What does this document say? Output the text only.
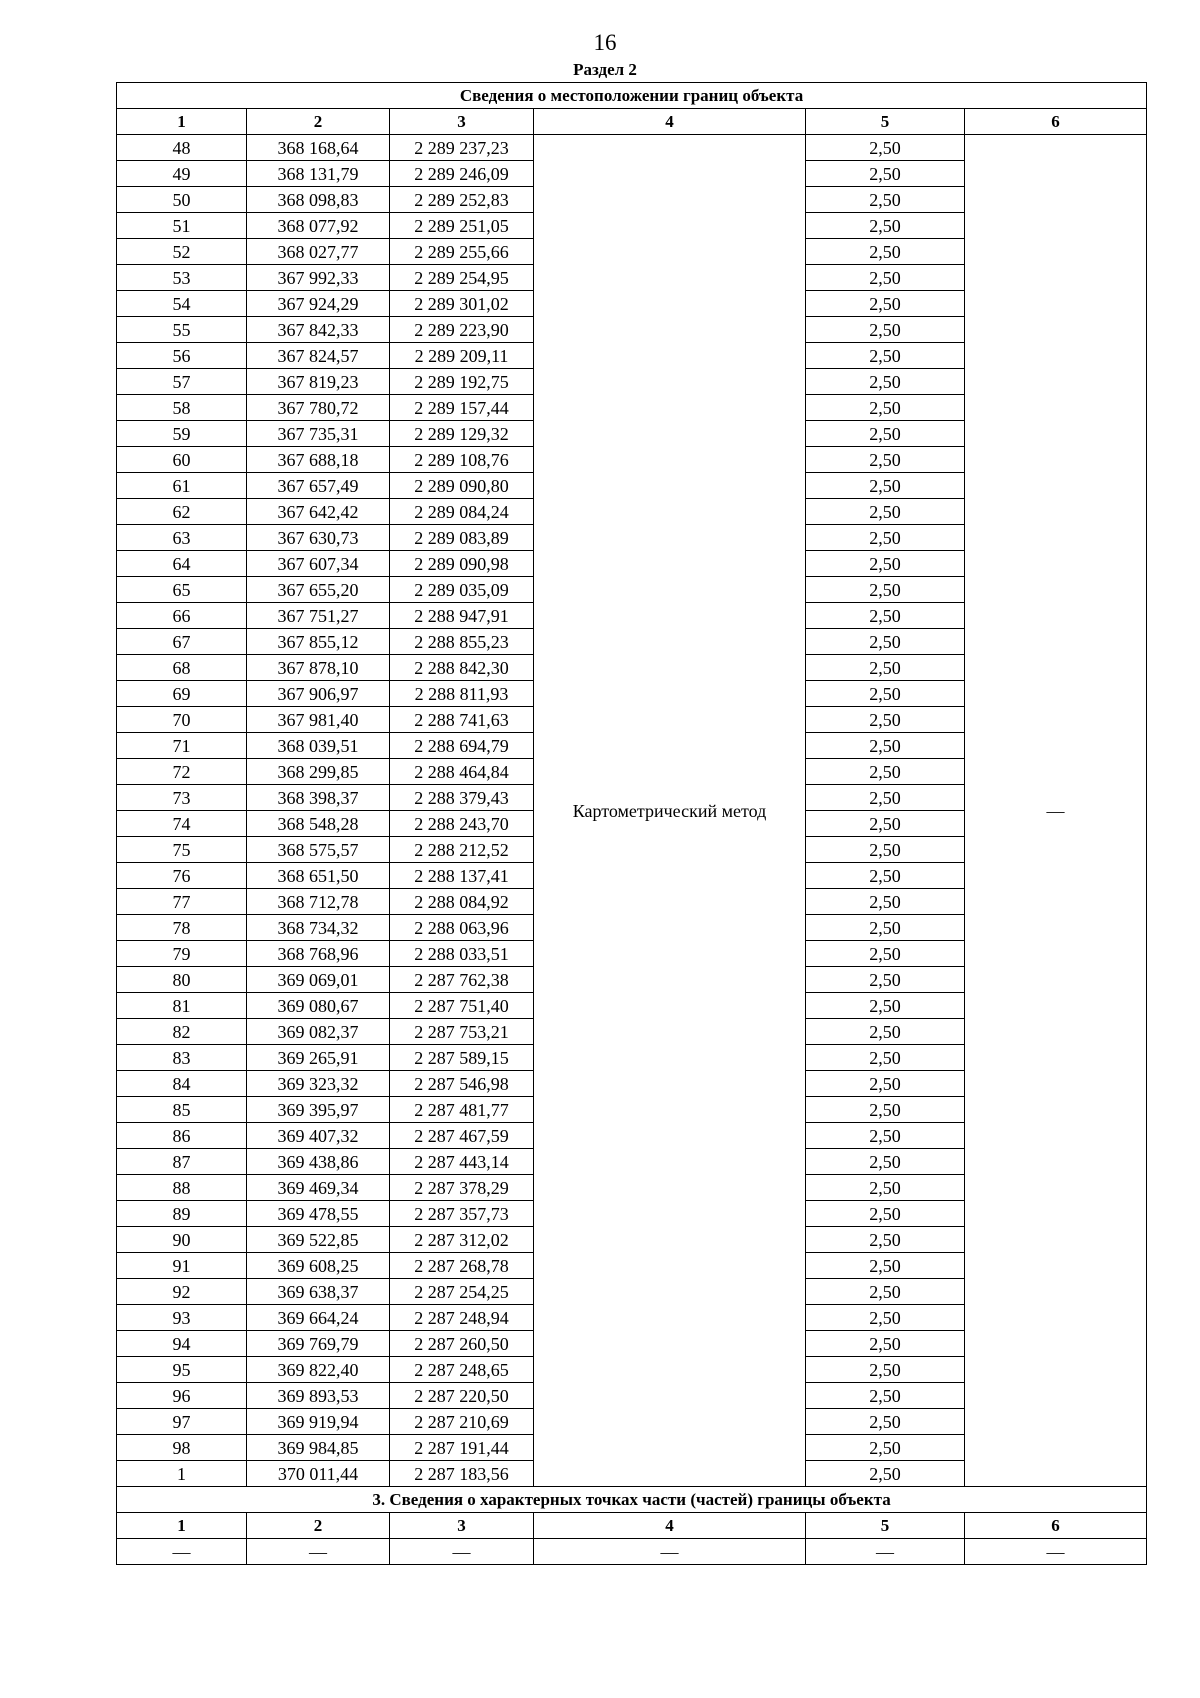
16
Раздел 2
Сведения о местоположении границ объекта					
1	2	3	4	5	6
48	368 168,64	2 289 237,23	Картометрический метод	2,50	—
49	368 131,79	2 289 246,09		2,50	
50	368 098,83	2 289 252,83		2,50	
51	368 077,92	2 289 251,05		2,50	
52	368 027,77	2 289 255,66		2,50	
53	367 992,33	2 289 254,95		2,50	
54	367 924,29	2 289 301,02		2,50	
55	367 842,33	2 289 223,90		2,50	
56	367 824,57	2 289 209,11		2,50	
57	367 819,23	2 289 192,75		2,50	
58	367 780,72	2 289 157,44		2,50	
59	367 735,31	2 289 129,32		2,50	
60	367 688,18	2 289 108,76		2,50	
61	367 657,49	2 289 090,80		2,50	
62	367 642,42	2 289 084,24		2,50	
63	367 630,73	2 289 083,89		2,50	
64	367 607,34	2 289 090,98		2,50	
65	367 655,20	2 289 035,09		2,50	
66	367 751,27	2 288 947,91		2,50	
67	367 855,12	2 288 855,23		2,50	
68	367 878,10	2 288 842,30		2,50	
69	367 906,97	2 288 811,93		2,50	
70	367 981,40	2 288 741,63		2,50	
71	368 039,51	2 288 694,79		2,50	
72	368 299,85	2 288 464,84		2,50	
73	368 398,37	2 288 379,43		2,50	
74	368 548,28	2 288 243,70		2,50	
75	368 575,57	2 288 212,52		2,50	
76	368 651,50	2 288 137,41		2,50	
77	368 712,78	2 288 084,92		2,50	
78	368 734,32	2 288 063,96		2,50	
79	368 768,96	2 288 033,51		2,50	
80	369 069,01	2 287 762,38		2,50	
81	369 080,67	2 287 751,40		2,50	
82	369 082,37	2 287 753,21		2,50	
83	369 265,91	2 287 589,15		2,50	
84	369 323,32	2 287 546,98		2,50	
85	369 395,97	2 287 481,77		2,50	
86	369 407,32	2 287 467,59		2,50	
87	369 438,86	2 287 443,14		2,50	
88	369 469,34	2 287 378,29		2,50	
89	369 478,55	2 287 357,73		2,50	
90	369 522,85	2 287 312,02		2,50	
91	369 608,25	2 287 268,78		2,50	
92	369 638,37	2 287 254,25		2,50	
93	369 664,24	2 287 248,94		2,50	
94	369 769,79	2 287 260,50		2,50	
95	369 822,40	2 287 248,65		2,50	
96	369 893,53	2 287 220,50		2,50	
97	369 919,94	2 287 210,69		2,50	
98	369 984,85	2 287 191,44		2,50	
1	370 011,44	2 287 183,56		2,50	
3. Сведения о характерных точках части (частей) границы объекта					
1	2	3	4	5	6
—	—	—	—	—	—
